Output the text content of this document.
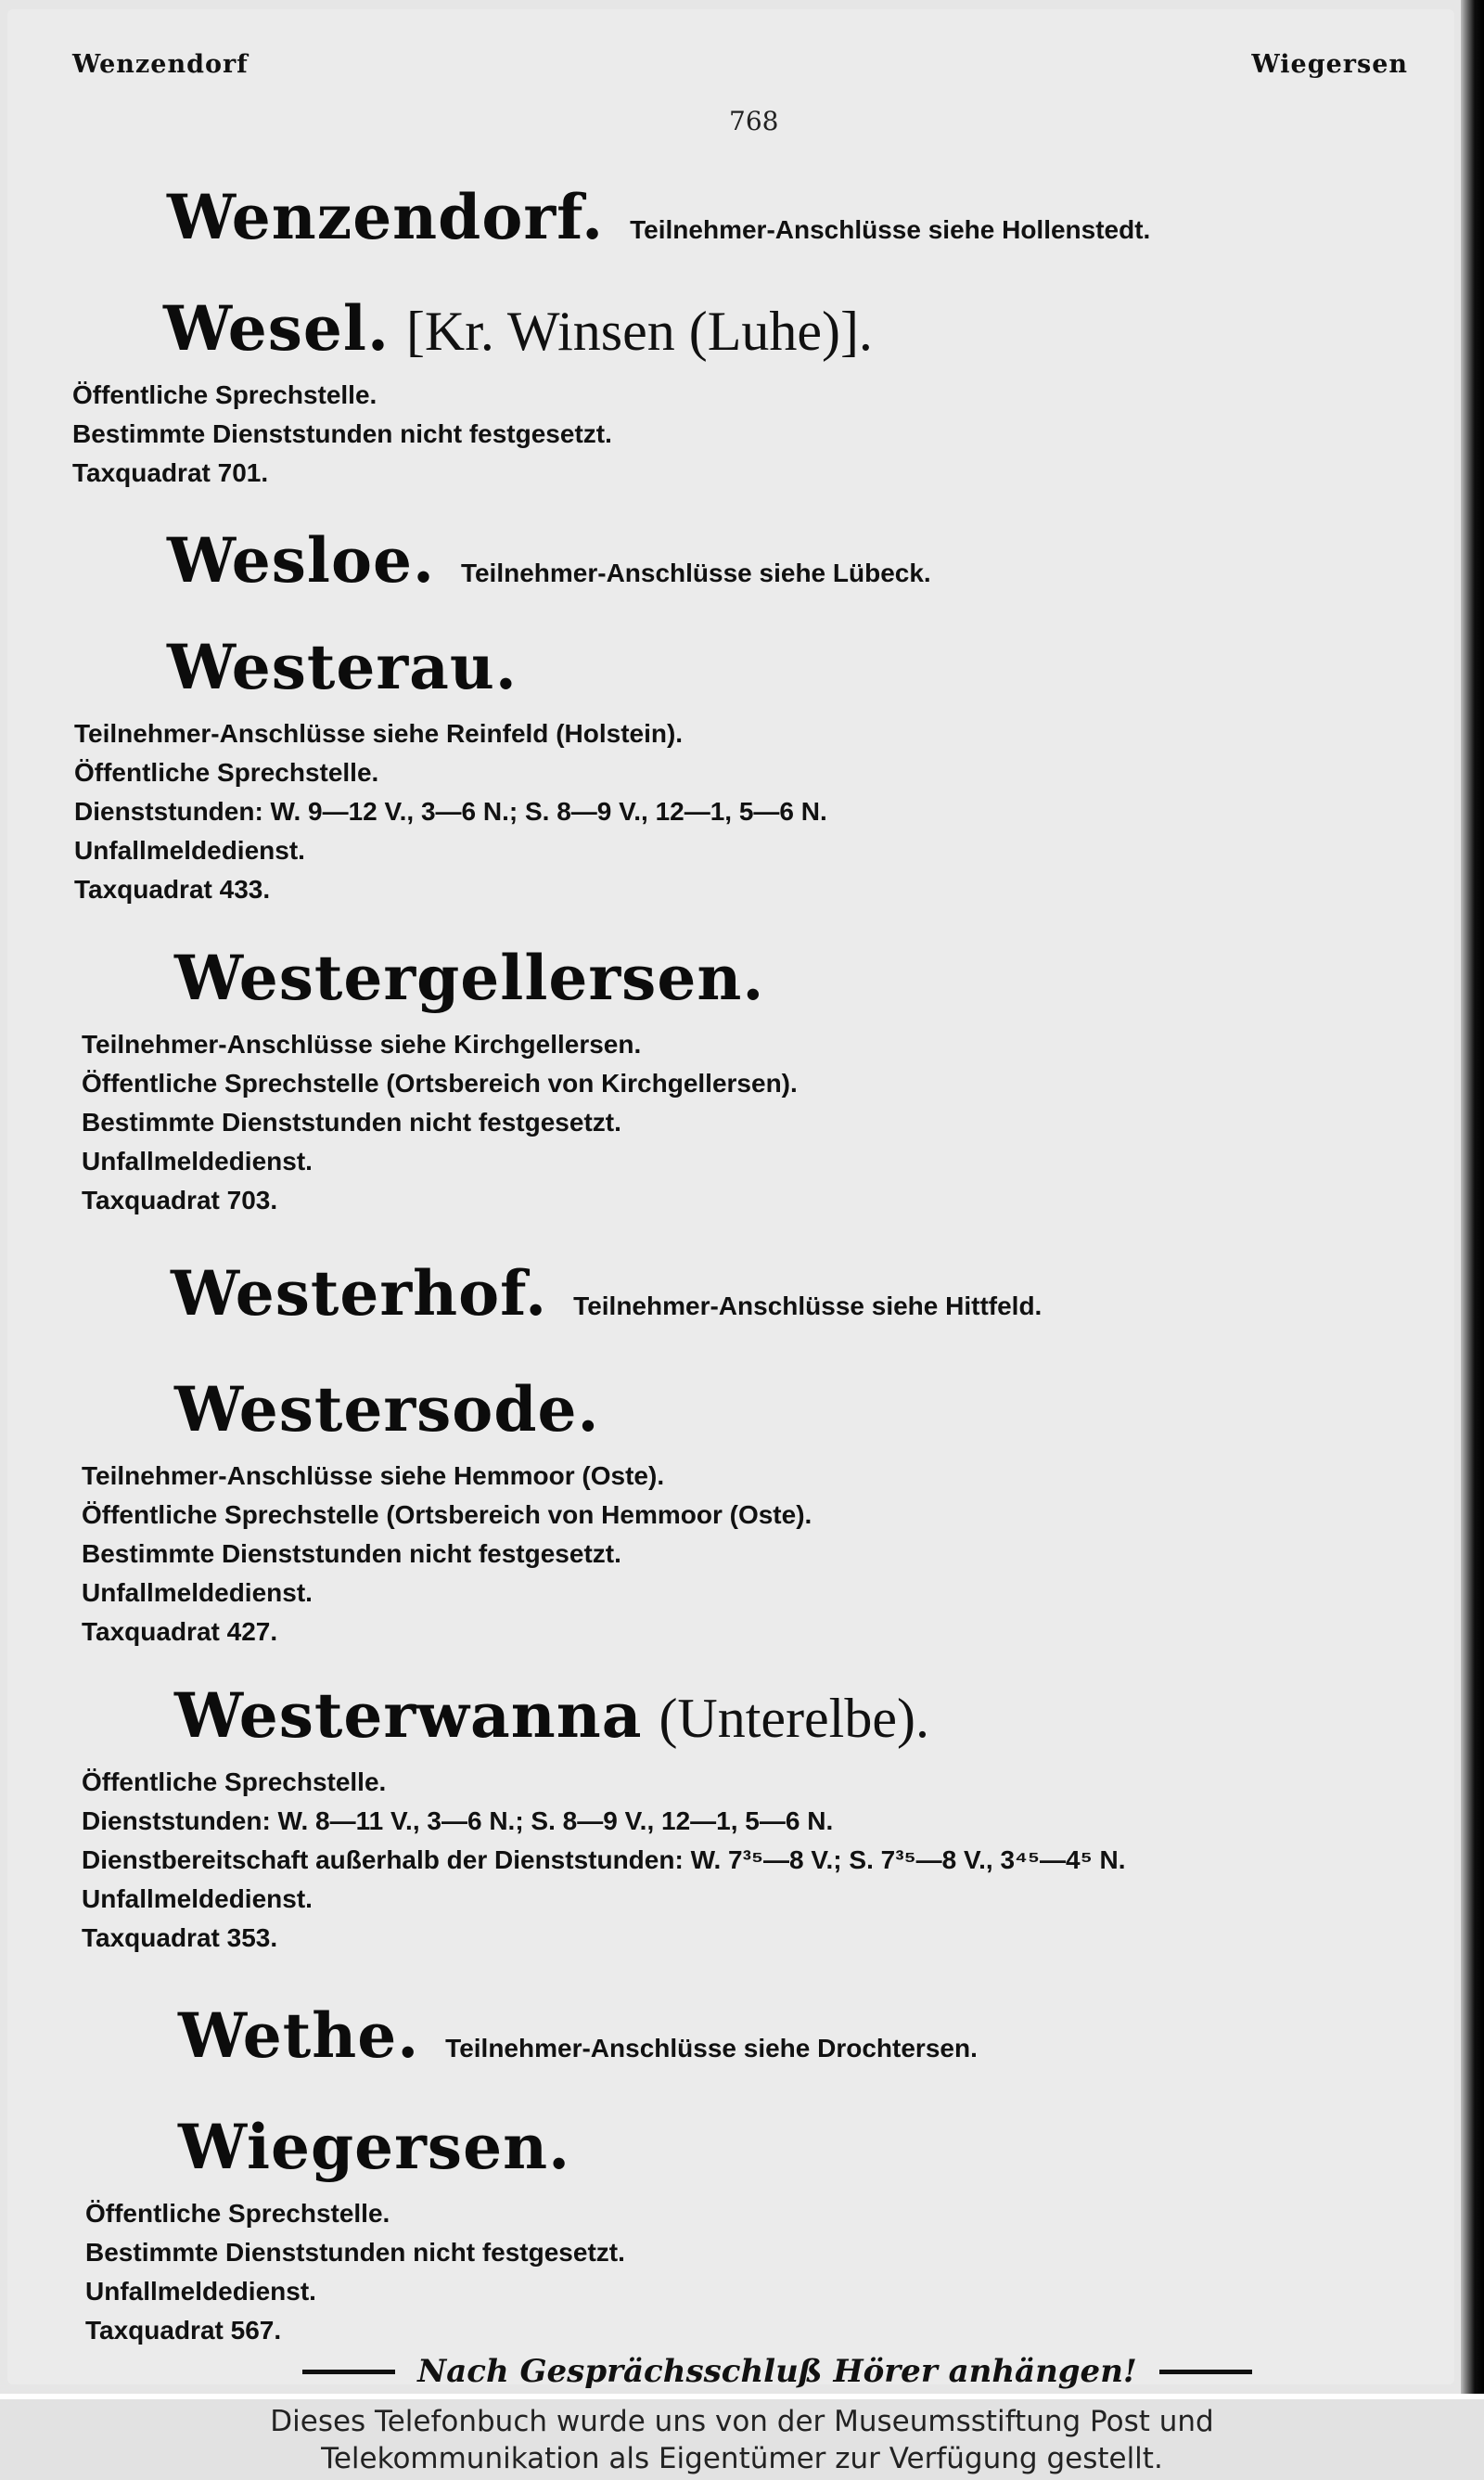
Wenzendorf	Wiegersen
768
Wenzendorf. Teilnehmer-Anschlüsse siehe Hollenstedt.
Wesel. [Kr. Winsen (Luhe)].
Öffentliche Sprechstelle.
Bestimmte Dienststunden nicht festgesetzt.
Taxquadrat 701.
Wesloe. Teilnehmer-Anschlüsse siehe Lübeck.
Westerau.
Teilnehmer-Anschlüsse siehe Reinfeld (Holstein).
Öffentliche Sprechstelle.
Dienststunden: W. 9—12 V., 3—6 N.; S. 8—9 V., 12—1, 5—6 N.
Unfallmeldedienst.
Taxquadrat 433.
Westergellersen.
Teilnehmer-Anschlüsse siehe Kirchgellersen.
Öffentliche Sprechstelle (Ortsbereich von Kirchgellersen).
Bestimmte Dienststunden nicht festgesetzt.
Unfallmeldedienst.
Taxquadrat 703.
Westerhof. Teilnehmer-Anschlüsse siehe Hittfeld.
Westersode.
Teilnehmer-Anschlüsse siehe Hemmoor (Oste).
Öffentliche Sprechstelle (Ortsbereich von Hemmoor (Oste).
Bestimmte Dienststunden nicht festgesetzt.
Unfallmeldedienst.
Taxquadrat 427.
Westerwanna (Unterelbe).
Öffentliche Sprechstelle.
Dienststunden: W. 8—11 V., 3—6 N.; S. 8—9 V., 12—1, 5—6 N.
Dienstbereitschaft außerhalb der Dienststunden: W. 7³⁵—8 V.; S. 7³⁵—8 V., 3⁴⁵—4⁵ N.
Unfallmeldedienst.
Taxquadrat 353.
Wethe. Teilnehmer-Anschlüsse siehe Drochtersen.
Wiegersen.
Öffentliche Sprechstelle.
Bestimmte Dienststunden nicht festgesetzt.
Unfallmeldedienst.
Taxquadrat 567.
Nach Gesprächsschluß Hörer anhängen!
Dieses Telefonbuch wurde uns von der Museumsstiftung Post und
Telekommunikation als Eigentümer zur Verfügung gestellt.
